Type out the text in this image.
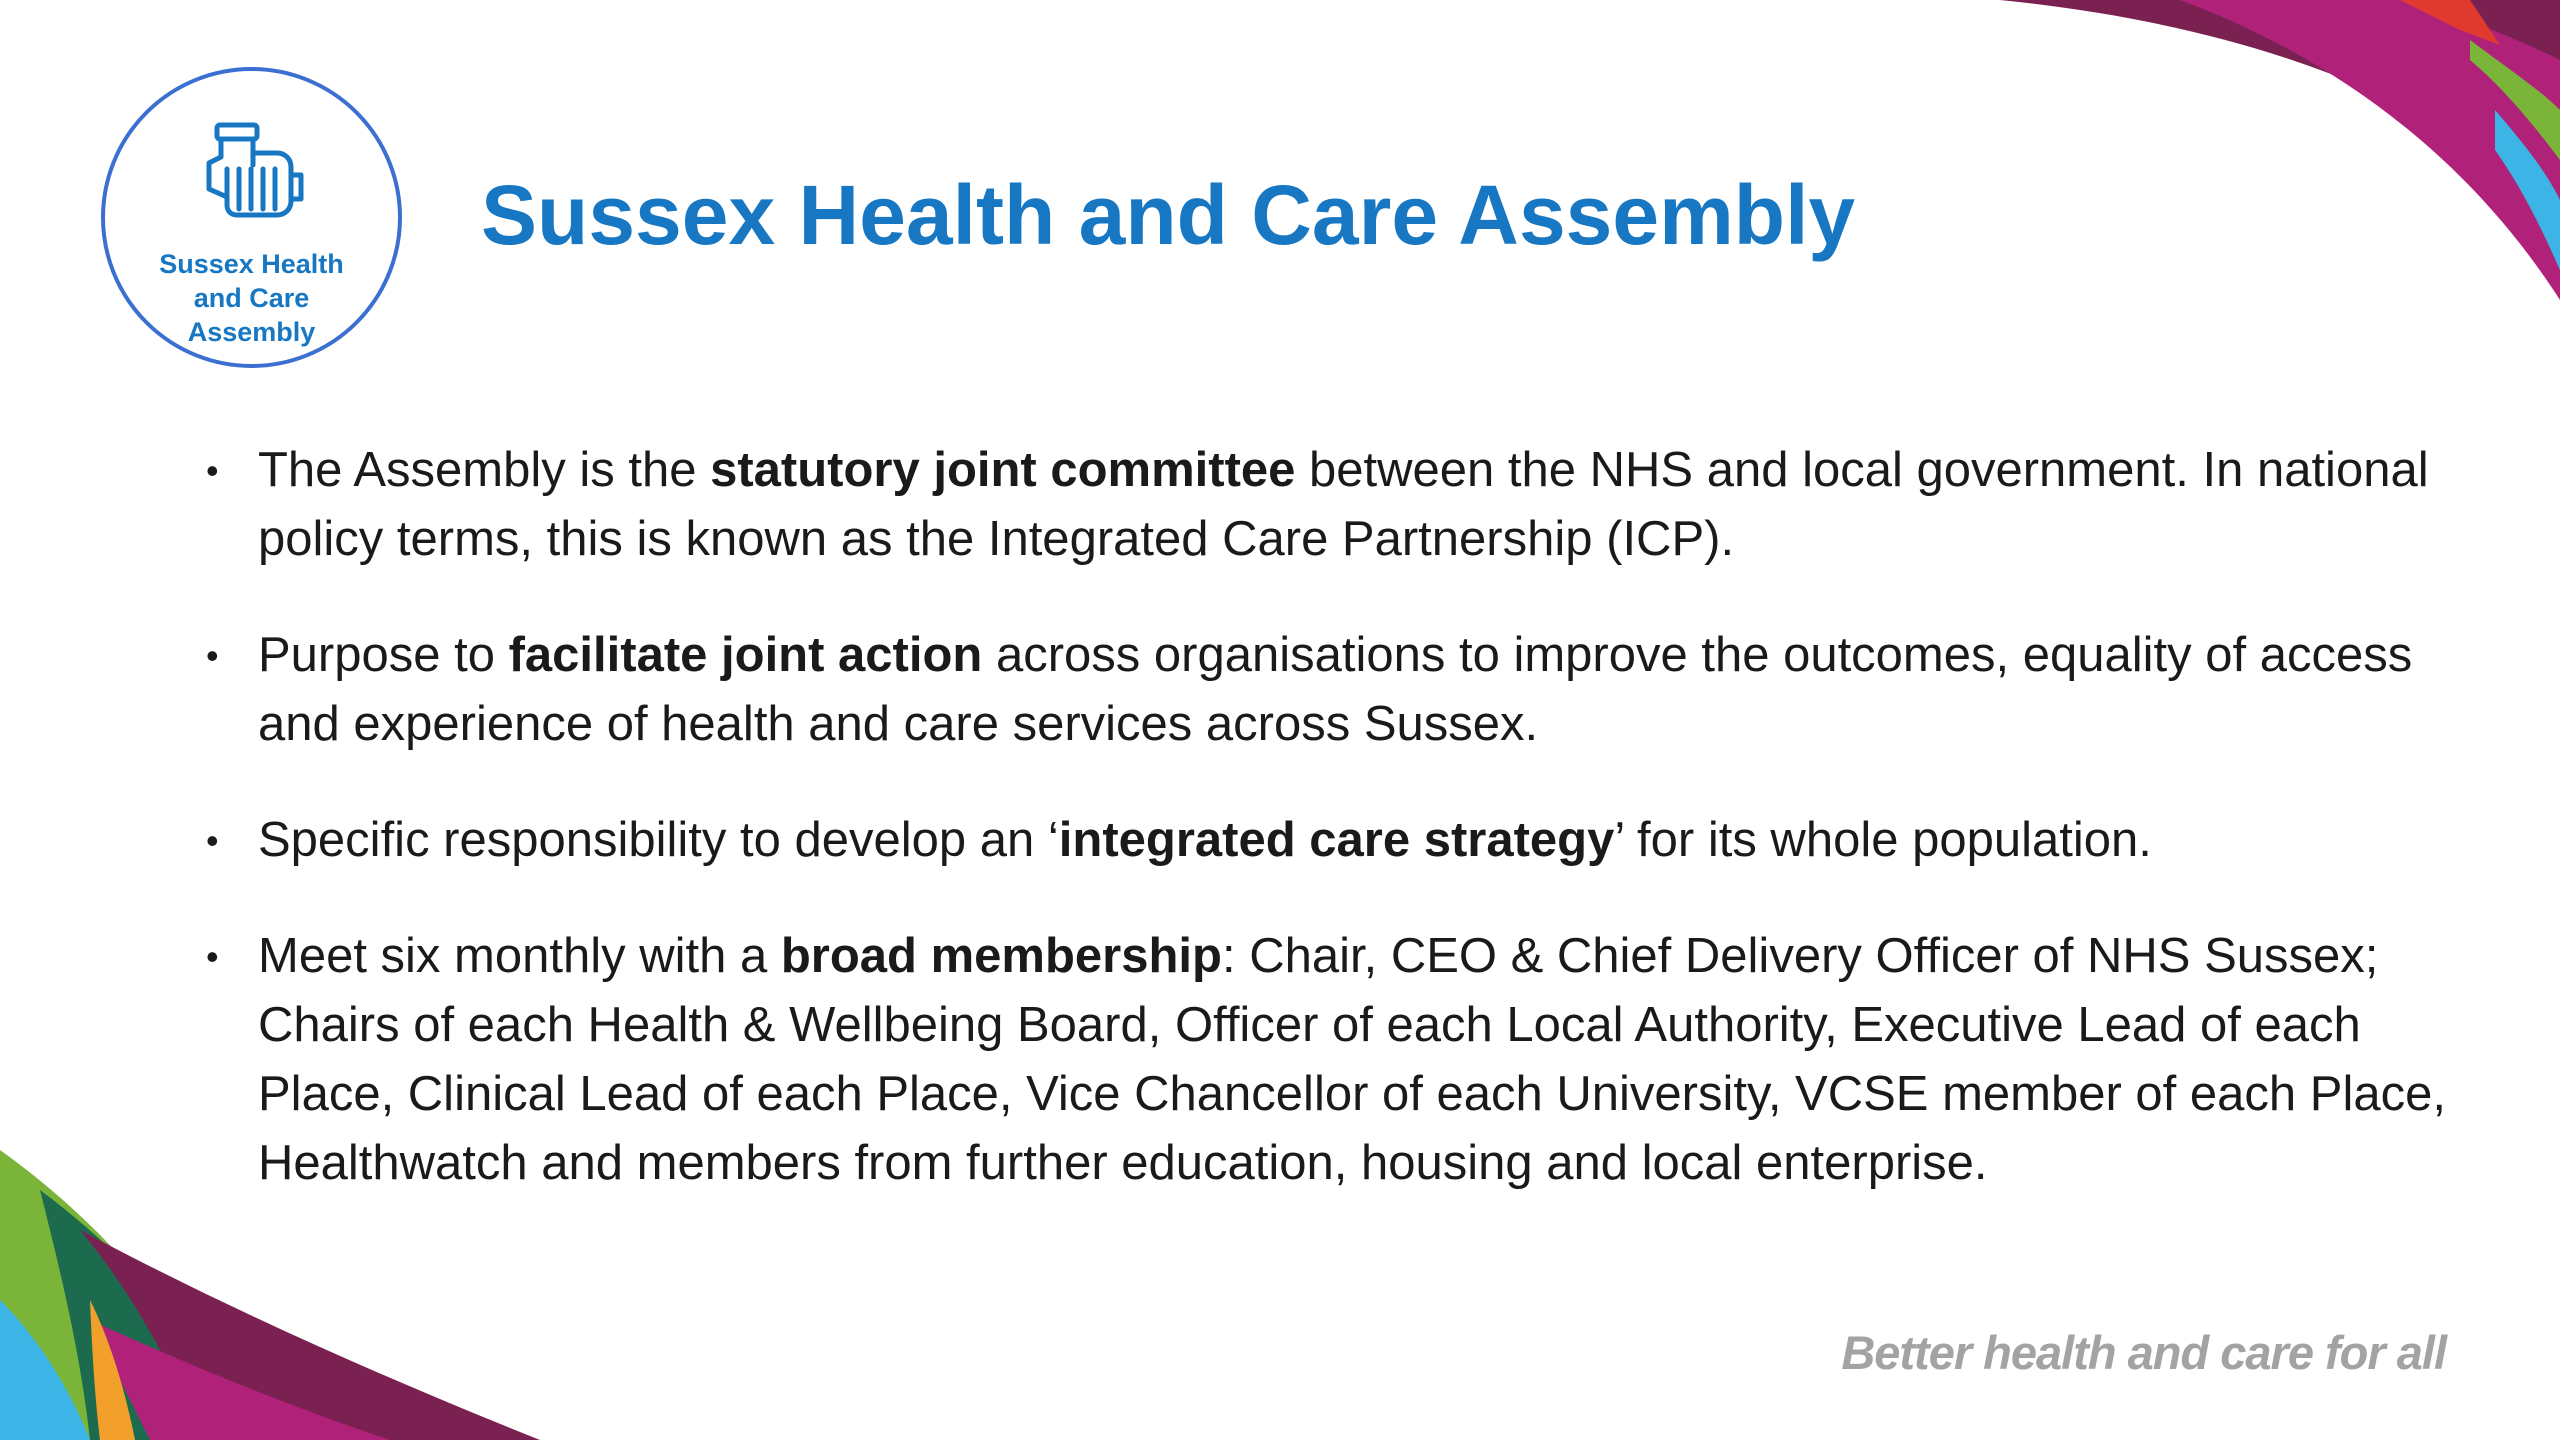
Sussex Health and Care Assembly
Sussex Health and Care Assembly
• The Assembly is the statutory joint committee between the NHS and local government. In national policy terms, this is known as the Integrated Care Partnership (ICP).
• Purpose to facilitate joint action across organisations to improve the outcomes, equality of access and experience of health and care services across Sussex.
• Specific responsibility to develop an ‘integrated care strategy’ for its whole population.
• Meet six monthly with a broad membership: Chair, CEO & Chief Delivery Officer of NHS Sussex; Chairs of each Health & Wellbeing Board, Officer of each Local Authority, Executive Lead of each Place, Clinical Lead of each Place, Vice Chancellor of each University, VCSE member of each Place, Healthwatch and members from further education, housing and local enterprise.
Better health and care for all
